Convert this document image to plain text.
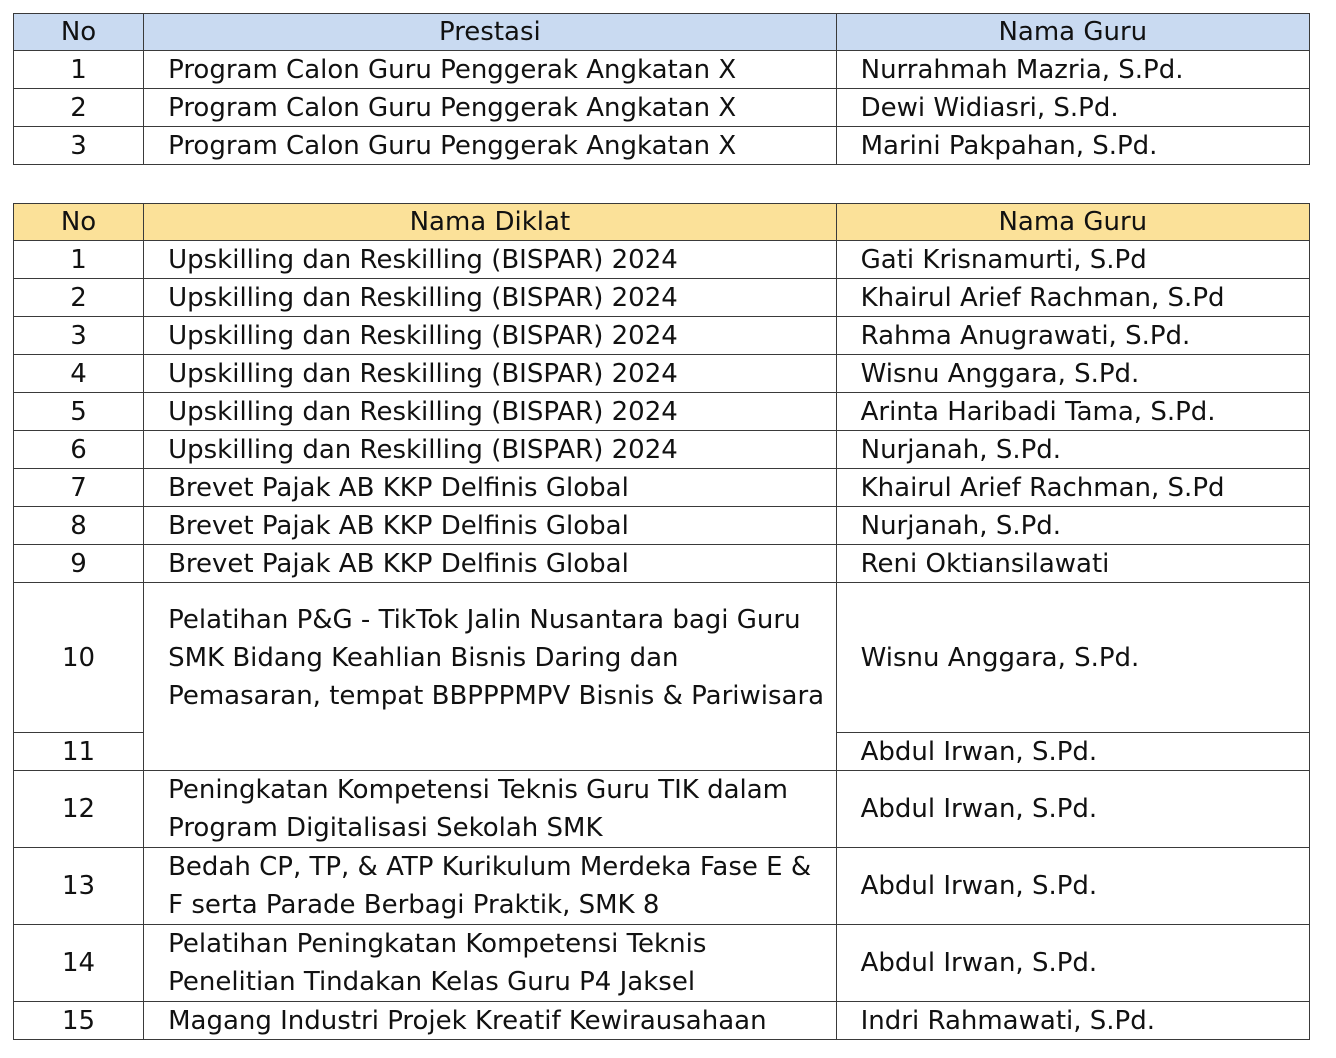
No	Prestasi	Nama Guru
1	Program Calon Guru Penggerak Angkatan X	Nurrahmah Mazria, S.Pd.
2	Program Calon Guru Penggerak Angkatan X	Dewi Widiasri, S.Pd.
3	Program Calon Guru Penggerak Angkatan X	Marini Pakpahan, S.Pd.
No	Nama Diklat	Nama Guru
1	Upskilling dan Reskilling (BISPAR) 2024	Gati Krisnamurti, S.Pd
2	Upskilling dan Reskilling (BISPAR) 2024	Khairul Arief Rachman, S.Pd
3	Upskilling dan Reskilling (BISPAR) 2024	Rahma Anugrawati, S.Pd.
4	Upskilling dan Reskilling (BISPAR) 2024	Wisnu Anggara, S.Pd.
5	Upskilling dan Reskilling (BISPAR) 2024	Arinta Haribadi Tama, S.Pd.
6	Upskilling dan Reskilling (BISPAR) 2024	Nurjanah, S.Pd.
7	Brevet Pajak AB KKP Delfinis Global	Khairul Arief Rachman, S.Pd
8	Brevet Pajak AB KKP Delfinis Global	Nurjanah, S.Pd.
9	Brevet Pajak AB KKP Delfinis Global	Reni Oktiansilawati
10	Pelatihan P&G - TikTok Jalin Nusantara bagi Guru SMK Bidang Keahlian Bisnis Daring dan Pemasaran, tempat BBPPPMPV Bisnis & Pariwisara	Wisnu Anggara, S.Pd.
11		Abdul Irwan, S.Pd.
12	Peningkatan Kompetensi Teknis Guru TIK dalam Program Digitalisasi Sekolah SMK	Abdul Irwan, S.Pd.
13	Bedah CP, TP, & ATP Kurikulum Merdeka Fase E & F serta Parade Berbagi Praktik, SMK 8	Abdul Irwan, S.Pd.
14	Pelatihan Peningkatan Kompetensi Teknis Penelitian Tindakan Kelas Guru P4 Jaksel	Abdul Irwan, S.Pd.
15	Magang Industri Projek Kreatif Kewirausahaan	Indri Rahmawati, S.Pd.
